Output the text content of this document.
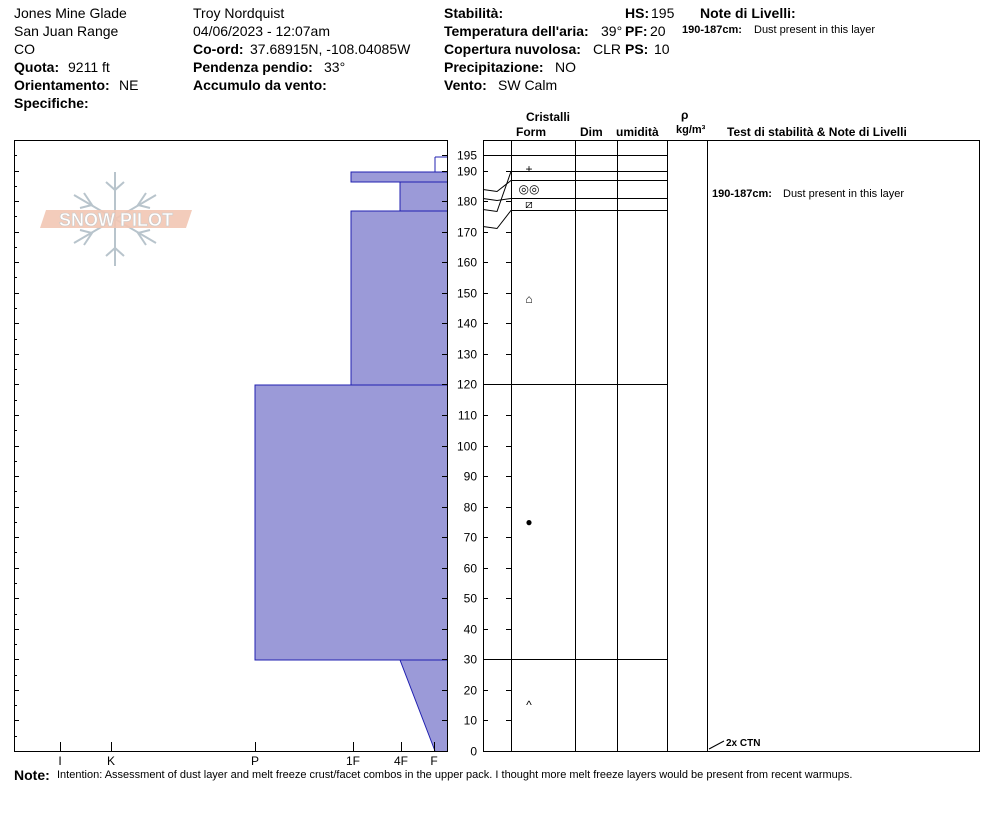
Jones Mine Glade
San Juan Range
CO
Quota: 9211 ft
Orientamento: NE
Specifiche:
Troy Nordquist
04/06/2023 - 12:07am
Co-ord: 37.68915N, -108.04085W
Pendenza pendio: 33°
Accumulo da vento:
Stabilità:
Temperatura dell'aria: 39°
Copertura nuvolosa: CLR
Precipitazione: NO
Vento: SW Calm
HS: 195
PF: 20
PS: 10
Note di Livelli:
190-187cm: Dust present in this layer
Cristalli
Form	Dim umidità
ρ
kg/m³ Test di stabilità & Note di Livelli
SNOW PILOT
I	K	P	1F	4F F
0
10
20
30
40
50
60
70
80
90
100
110
120
130
140
150
160
170
180
190
195
+
◎◎
⧄
⌂
●
^
2x CTN
190-187cm: Dust present in this layer
Note: Intention: Assessment of dust layer and melt freeze crust/facet combos in the upper pack. I thought more melt freeze layers would be present from recent warmups.
